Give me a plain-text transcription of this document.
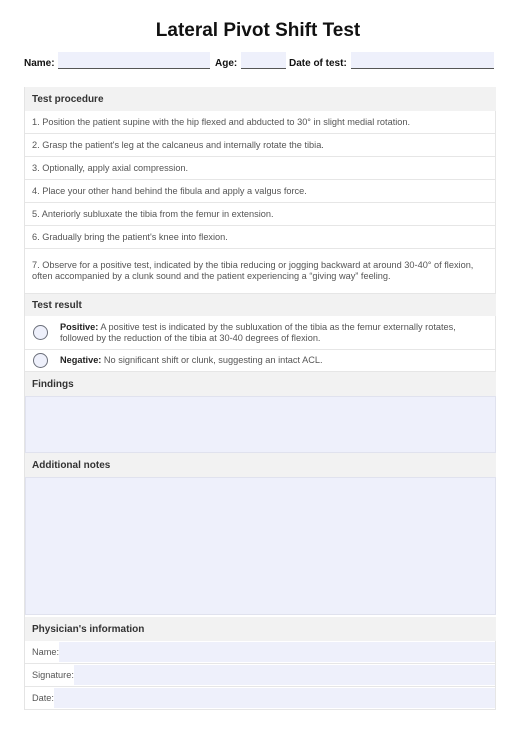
Lateral Pivot Shift Test
Name:	Age:	Date of test:
Test procedure
1. Position the patient supine with the hip flexed and abducted to 30° in slight medial rotation.
2. Grasp the patient's leg at the calcaneus and internally rotate the tibia.
3. Optionally, apply axial compression.
4. Place your other hand behind the fibula and apply a valgus force.
5. Anteriorly subluxate the tibia from the femur in extension.
6. Gradually bring the patient's knee into flexion.
7. Observe for a positive test, indicated by the tibia reducing or jogging backward at around 30-40° of flexion, often accompanied by a clunk sound and the patient experiencing a “giving way” feeling.
Test result
Positive: A positive test is indicated by the subluxation of the tibia as the femur externally rotates, followed by the reduction of the tibia at 30-40 degrees of flexion.
Negative: No significant shift or clunk, suggesting an intact ACL.
Findings
Additional notes
Physician's information
Name:
Signature:
Date:
